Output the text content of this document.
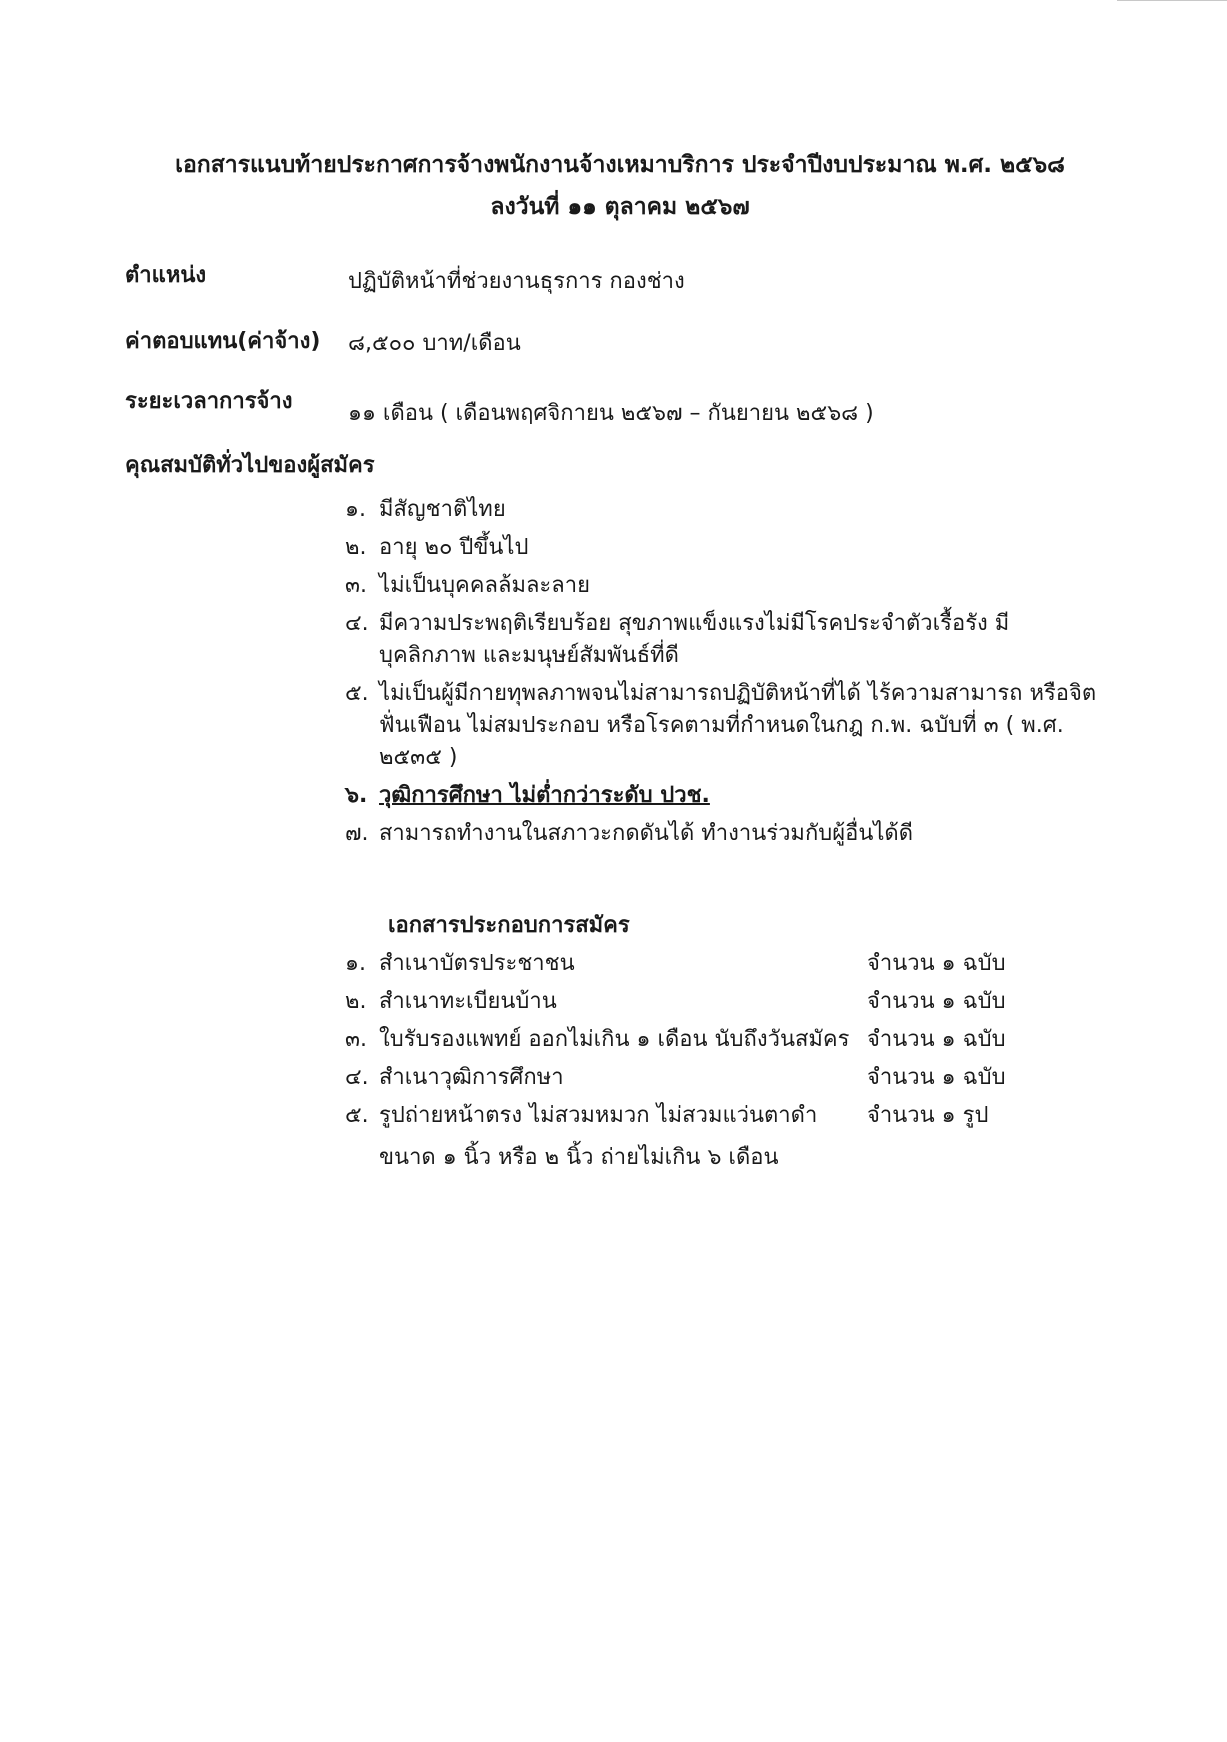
เอกสารแนบท้ายประกาศการจ้างพนักงานจ้างเหมาบริการ ประจำปีงบประมาณ พ.ศ. ๒๕๖๘
ลงวันที่ ๑๑ ตุลาคม ๒๕๖๗
ตำแหน่ง	ปฏิบัติหน้าที่ช่วยงานธุรการ กองช่าง
ค่าตอบแทน(ค่าจ้าง) ๘,๕๐๐ บาท/เดือน
ระยะเวลาการจ้าง	๑๑ เดือน ( เดือนพฤศจิกายน ๒๕๖๗ – กันยายน ๒๕๖๘ )
คุณสมบัติทั่วไปของผู้สมัคร
๑. มีสัญชาติไทย
๒. อายุ ๒๐ ปีขึ้นไป
๓. ไม่เป็นบุคคลล้มละลาย
๔. มีความประพฤติเรียบร้อย สุขภาพแข็งแรงไม่มีโรคประจำตัวเรื้อรัง มีบุคลิกภาพ และมนุษย์สัมพันธ์ที่ดี
๕. ไม่เป็นผู้มีกายทุพลภาพจนไม่สามารถปฏิบัติหน้าที่ได้ ไร้ความสามารถ หรือจิตฟั่นเฟือน ไม่สมประกอบ หรือโรคตามที่กำหนดในกฎ ก.พ. ฉบับที่ ๓ ( พ.ศ. ๒๕๓๕ )
๖. วุฒิการศึกษา ไม่ต่ำกว่าระดับ ปวช.
๗. สามารถทำงานในสภาวะกดดันได้ ทำงานร่วมกับผู้อื่นได้ดี
เอกสารประกอบการสมัคร
๑. สำเนาบัตรประชาชน	จำนวน ๑ ฉบับ
๒. สำเนาทะเบียนบ้าน	จำนวน ๑ ฉบับ
๓. ใบรับรองแพทย์ ออกไม่เกิน ๑ เดือน นับถึงวันสมัคร จำนวน ๑ ฉบับ
๔. สำเนาวุฒิการศึกษา	จำนวน ๑ ฉบับ
๕. รูปถ่ายหน้าตรง ไม่สวมหมวก ไม่สวมแว่นตาดำ จำนวน ๑ รูป
ขนาด ๑ นิ้ว หรือ ๒ นิ้ว ถ่ายไม่เกิน ๖ เดือน
